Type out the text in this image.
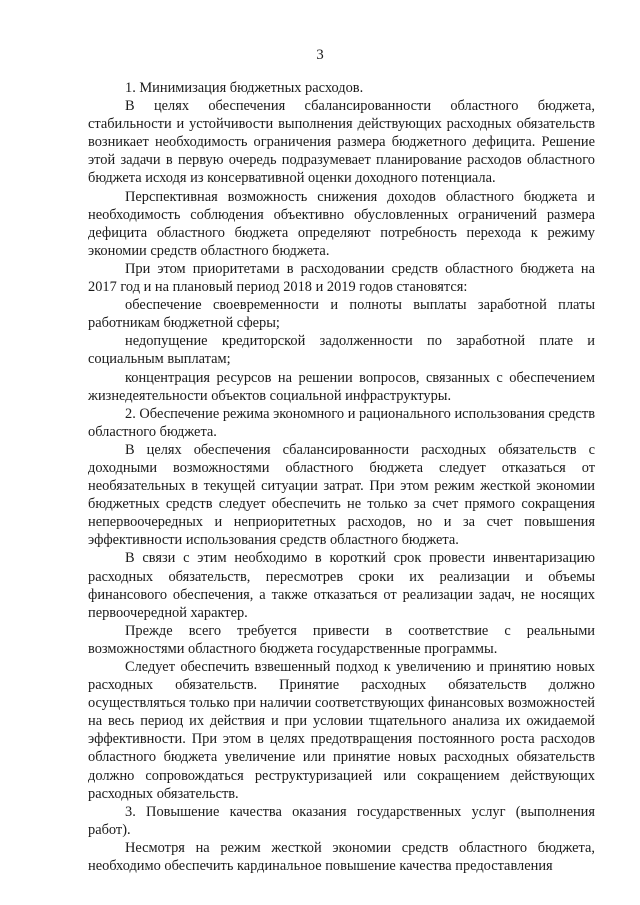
3

1. Минимизация бюджетных расходов.

В целях обеспечения сбалансированности областного бюджета, стабильности и устойчивости выполнения действующих расходных обязательств возникает необходимость ограничения размера бюджетного дефицита. Решение этой задачи в первую очередь подразумевает планирование расходов областного бюджета исходя из консервативной оценки доходного потенциала.

Перспективная возможность снижения доходов областного бюджета и необходимость соблюдения объективно обусловленных ограничений размера дефицита областного бюджета определяют потребность перехода к режиму экономии средств областного бюджета.

При этом приоритетами в расходовании средств областного бюджета на 2017 год и на плановый период 2018 и 2019 годов становятся:

обеспечение своевременности и полноты выплаты заработной платы работникам бюджетной сферы;

недопущение кредиторской задолженности по заработной плате и социальным выплатам;

концентрация ресурсов на решении вопросов, связанных с обеспечением жизнедеятельности объектов социальной инфраструктуры.

2. Обеспечение режима экономного и рационального использования средств областного бюджета.

В целях обеспечения сбалансированности расходных обязательств с доходными возможностями областного бюджета следует отказаться от необязательных в текущей ситуации затрат. При этом режим жесткой экономии бюджетных средств следует обеспечить не только за счет прямого сокращения непервоочередных и неприоритетных расходов, но и за счет повышения эффективности использования средств областного бюджета.

В связи с этим необходимо в короткий срок провести инвентаризацию расходных обязательств, пересмотрев сроки их реализации и объемы финансового обеспечения, а также отказаться от реализации задач, не носящих первоочередной характер.

Прежде всего требуется привести в соответствие с реальными возможностями областного бюджета государственные программы.

Следует обеспечить взвешенный подход к увеличению и принятию новых расходных обязательств. Принятие расходных обязательств должно осуществляться только при наличии соответствующих финансовых возможностей на весь период их действия и при условии тщательного анализа их ожидаемой эффективности. При этом в целях предотвращения постоянного роста расходов областного бюджета увеличение или принятие новых расходных обязательств должно сопровождаться реструктуризацией или сокращением действующих расходных обязательств.

3. Повышение качества оказания государственных услуг (выполнения работ).

Несмотря на режим жесткой экономии средств областного бюджета, необходимо обеспечить кардинальное повышение качества предоставления
